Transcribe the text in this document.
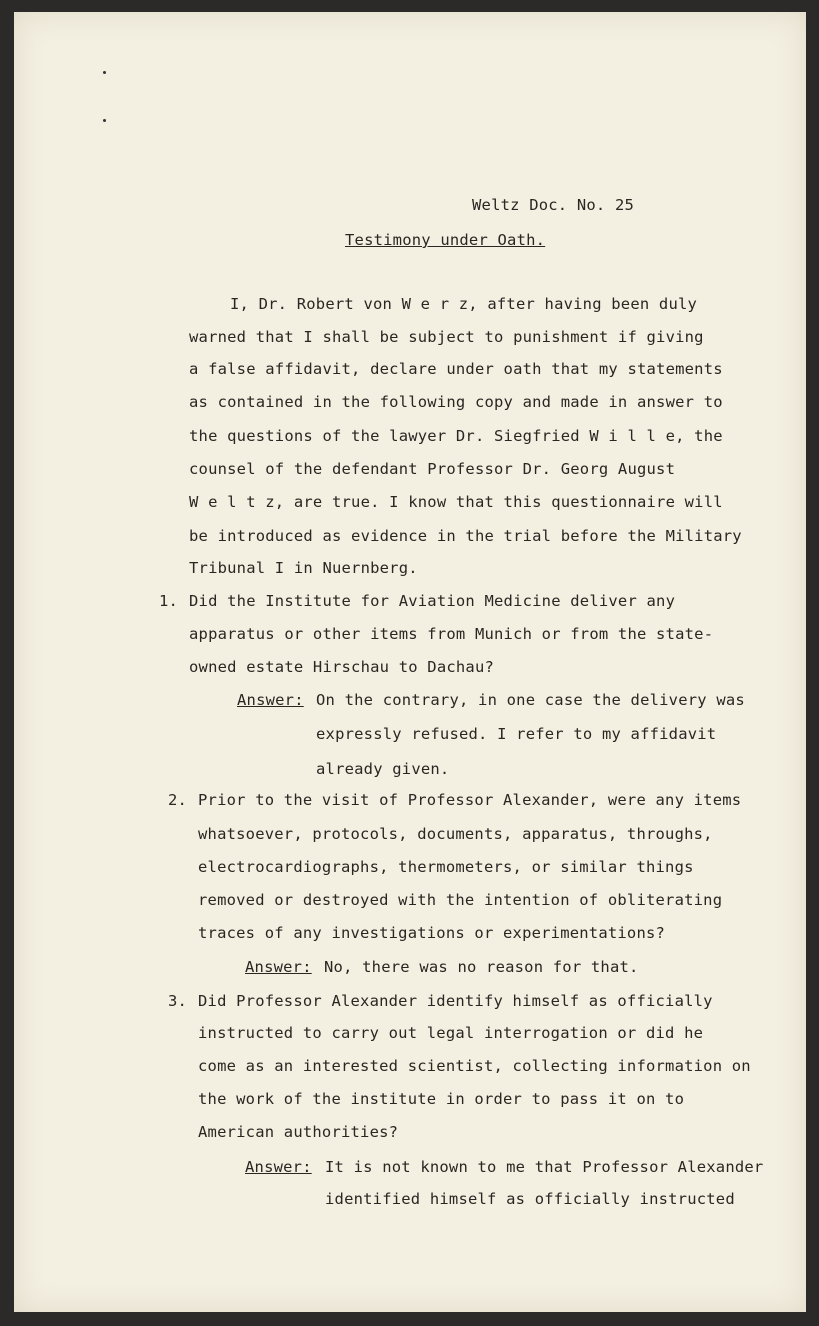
Weltz Doc. No. 25
Testimony under Oath.
I, Dr. Robert von W e r z, after having been duly
warned that I shall be subject to punishment if giving
a false affidavit, declare under oath that my statements
as contained in the following copy and made in answer to
the questions of the lawyer Dr. Siegfried W i l l e, the
counsel of the defendant Professor Dr. Georg August
W e l t z, are true. I know that this questionnaire will
be introduced as evidence in the trial before the Military
Tribunal I in Nuernberg.
1. Did the Institute for Aviation Medicine deliver any
apparatus or other items from Munich or from the state-
owned estate Hirschau to Dachau?
Answer: On the contrary, in one case the delivery was
expressly refused. I refer to my affidavit
already given.
2. Prior to the visit of Professor Alexander, were any items
whatsoever, protocols, documents, apparatus, throughs,
electrocardiographs, thermometers, or similar things
removed or destroyed with the intention of obliterating
traces of any investigations or experimentations?
Answer: No, there was no reason for that.
3. Did Professor Alexander identify himself as officially
instructed to carry out legal interrogation or did he
come as an interested scientist, collecting information on
the work of the institute in order to pass it on to
American authorities?
Answer: It is not known to me that Professor Alexander
identified himself as officially instructed
